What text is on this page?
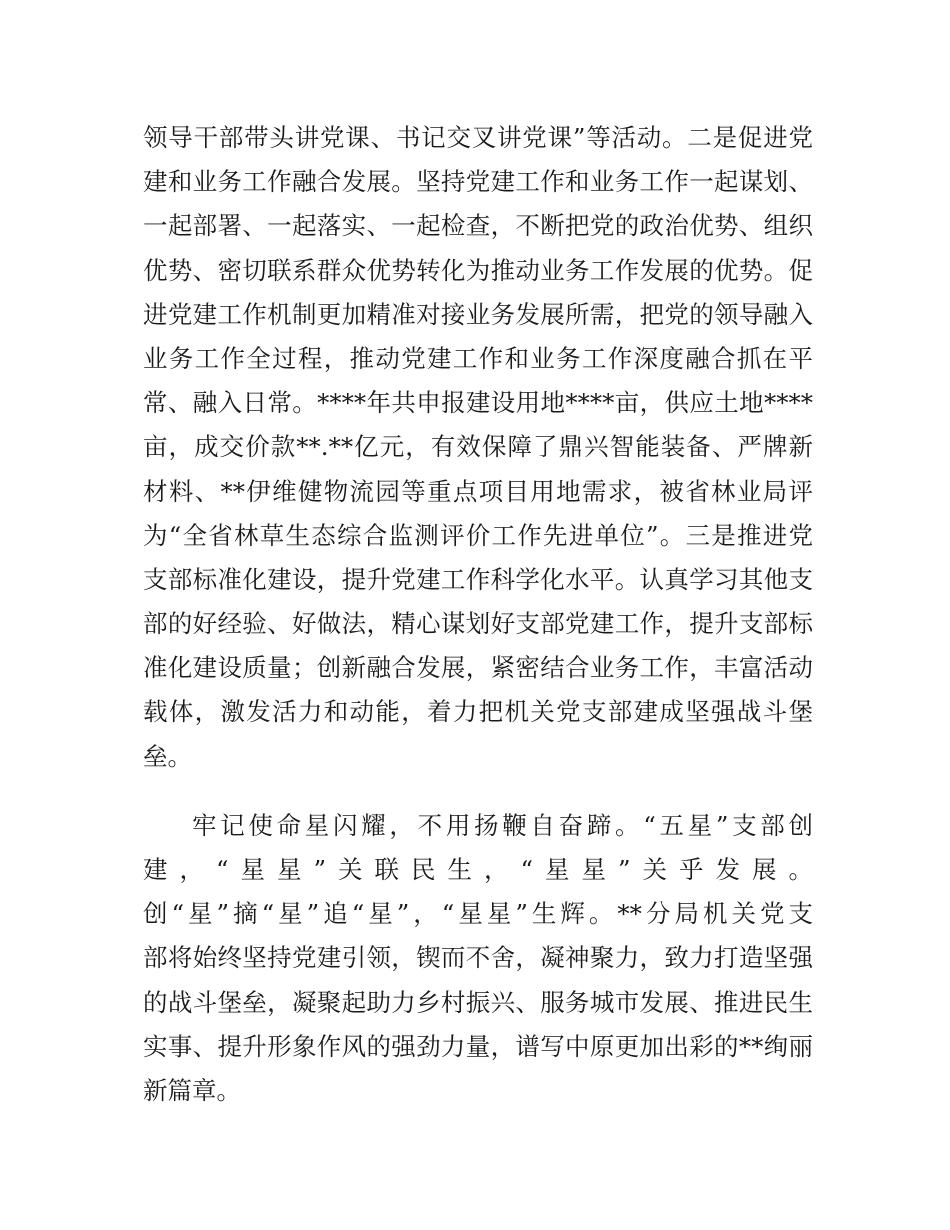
领导干部带头讲党课、书记交叉讲党课”等活动。二是促进党
建和业务工作融合发展。坚持党建工作和业务工作一起谋划、
一起部署、一起落实、一起检查，不断把党的政治优势、组织
优势、密切联系群众优势转化为推动业务工作发展的优势。促
进党建工作机制更加精准对接业务发展所需，把党的领导融入
业务工作全过程，推动党建工作和业务工作深度融合抓在平
常、融入日常。****年共申报建设用地****亩，供应土地****
亩，成交价款**.**亿元，有效保障了鼎兴智能装备、严牌新
材料、**伊维健物流园等重点项目用地需求，被省林业局评
为“全省林草生态综合监测评价工作先进单位”。三是推进党
支部标准化建设，提升党建工作科学化水平。认真学习其他支
部的好经验、好做法，精心谋划好支部党建工作，提升支部标
准化建设质量；创新融合发展，紧密结合业务工作，丰富活动
载体，激发活力和动能，着力把机关党支部建成坚强战斗堡
垒。
牢记使命星闪耀，不用扬鞭自奋蹄。“五星”支部创
建，“星星”关联民生，“星星”关乎发展。
创“星”摘“星”追“星”，“星星”生辉。**分局机关党支
部将始终坚持党建引领，锲而不舍，凝神聚力，致力打造坚强
的战斗堡垒，凝聚起助力乡村振兴、服务城市发展、推进民生
实事、提升形象作风的强劲力量，谱写中原更加出彩的**绚丽
新篇章。
